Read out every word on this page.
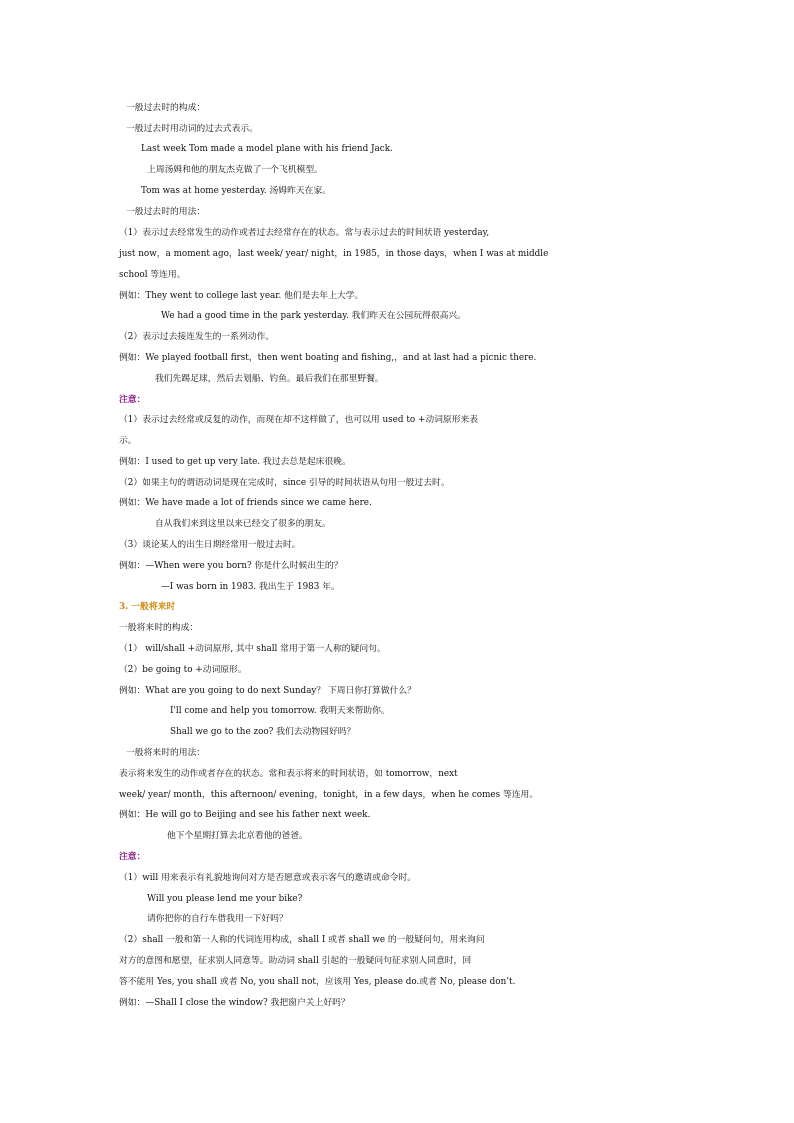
一般过去时的构成：
一般过去时用动词的过去式表示。
Last week Tom made a model plane with his friend Jack.
上周汤姆和他的朋友杰克做了一个飞机模型。
Tom was at home yesterday. 汤姆昨天在家。
一般过去时的用法：
（1）表示过去经常发生的动作或者过去经常存在的状态。常与表示过去的时间状语 yesterday,
just now，a moment ago，last week/ year/ night，in 1985，in those days，when I was at middle
school 等连用。
例如：They went to college last year. 他们是去年上大学。
We had a good time in the park yesterday. 我们昨天在公园玩得很高兴。
（2）表示过去接连发生的一系列动作。
例如：We played football first，then went boating and fishing,，and at last had a picnic there.
我们先踢足球，然后去划船、钓鱼。最后我们在那里野餐。
注意：
（1）表示过去经常或反复的动作，而现在却不这样做了，也可以用 used to +动词原形来表
示。
例如：I used to get up very late. 我过去总是起床很晚。
（2）如果主句的谓语动词是现在完成时，since 引导的时间状语从句用一般过去时。
例如：We have made a lot of friends since we came here.
自从我们来到这里以来已经交了很多的朋友。
（3）谈论某人的出生日期经常用一般过去时。
例如：—When were you born? 你是什么时候出生的？
—I was born in 1983. 我出生于 1983 年。
3. 一般将来时
一般将来时的构成：
（1） will/shall +动词原形, 其中 shall 常用于第一人称的疑问句。
（2）be going to +动词原形。
例如：What are you going to do next Sunday？ 下周日你打算做什么？
I'll come and help you tomorrow. 我明天来帮助你。
Shall we go to the zoo? 我们去动物园好吗？
一般将来时的用法：
表示将来发生的动作或者存在的状态。常和表示将来的时间状语，如 tomorrow，next
week/ year/ month，this afternoon/ evening，tonight，in a few days，when he comes 等连用。
例如：He will go to Beijing and see his father next week.
他下个星期打算去北京看他的爸爸。
注意：
（1）will 用来表示有礼貌地询问对方是否愿意或表示客气的邀请或命令时。
Will you please lend me your bike?
请你把你的自行车借我用一下好吗？
（2）shall 一般和第一人称的代词连用构成，shall I 或者 shall we 的一般疑问句，用来询问
对方的意图和愿望，征求别人同意等。助动词 shall 引起的一般疑问句征求别人同意时，回
答不能用 Yes, you shall 或者 No, you shall not，应该用 Yes, please do.或者 No, please don’t.
例如：—Shall I close the window? 我把窗户关上好吗？
